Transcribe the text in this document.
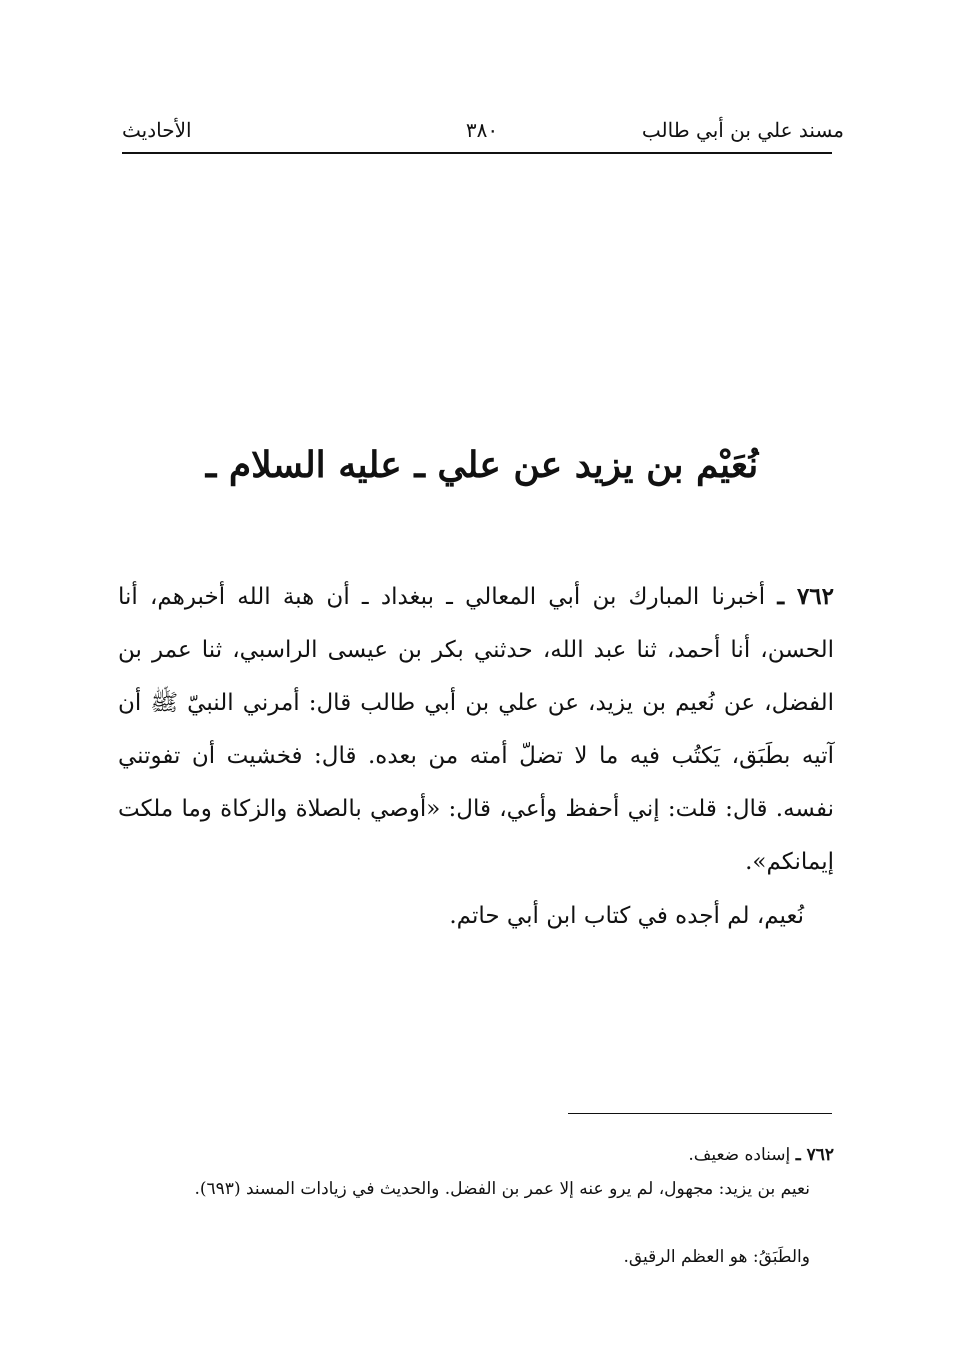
مسند علي بن أبي طالب
٣٨٠
الأحاديث
نُعَيْم بن يزيد عن علي ـ عليه السلام ـ
٧٦٢ ـ أخبرنا المبارك بن أبي المعالي ـ ببغداد ـ أن هبة الله أخبرهم، أنا الحسن، أنا أحمد، ثنا عبد الله، حدثني بكر بن عيسى الراسبي، ثنا عمر بن الفضل، عن نُعيم بن يزيد، عن علي بن أبي طالب قال: أمرني النبيّ ﷺ أن آتيه بطَبَق، يَكتُب فيه ما لا تضلّ أمته من بعده. قال: فخشيت أن تفوتني نفسه. قال: قلت: إني أحفظ وأعي، قال: «أوصي بالصلاة والزكاة وما ملكت إيمانكم».
نُعيم، لم أجده في كتاب ابن أبي حاتم.
٧٦٢ ـ إسناده ضعيف.
نعيم بن يزيد: مجهول، لم يرو عنه إلا عمر بن الفضل. والحديث في زيادات المسند (٦٩٣).
والطَبَقُ: هو العظم الرقيق.
